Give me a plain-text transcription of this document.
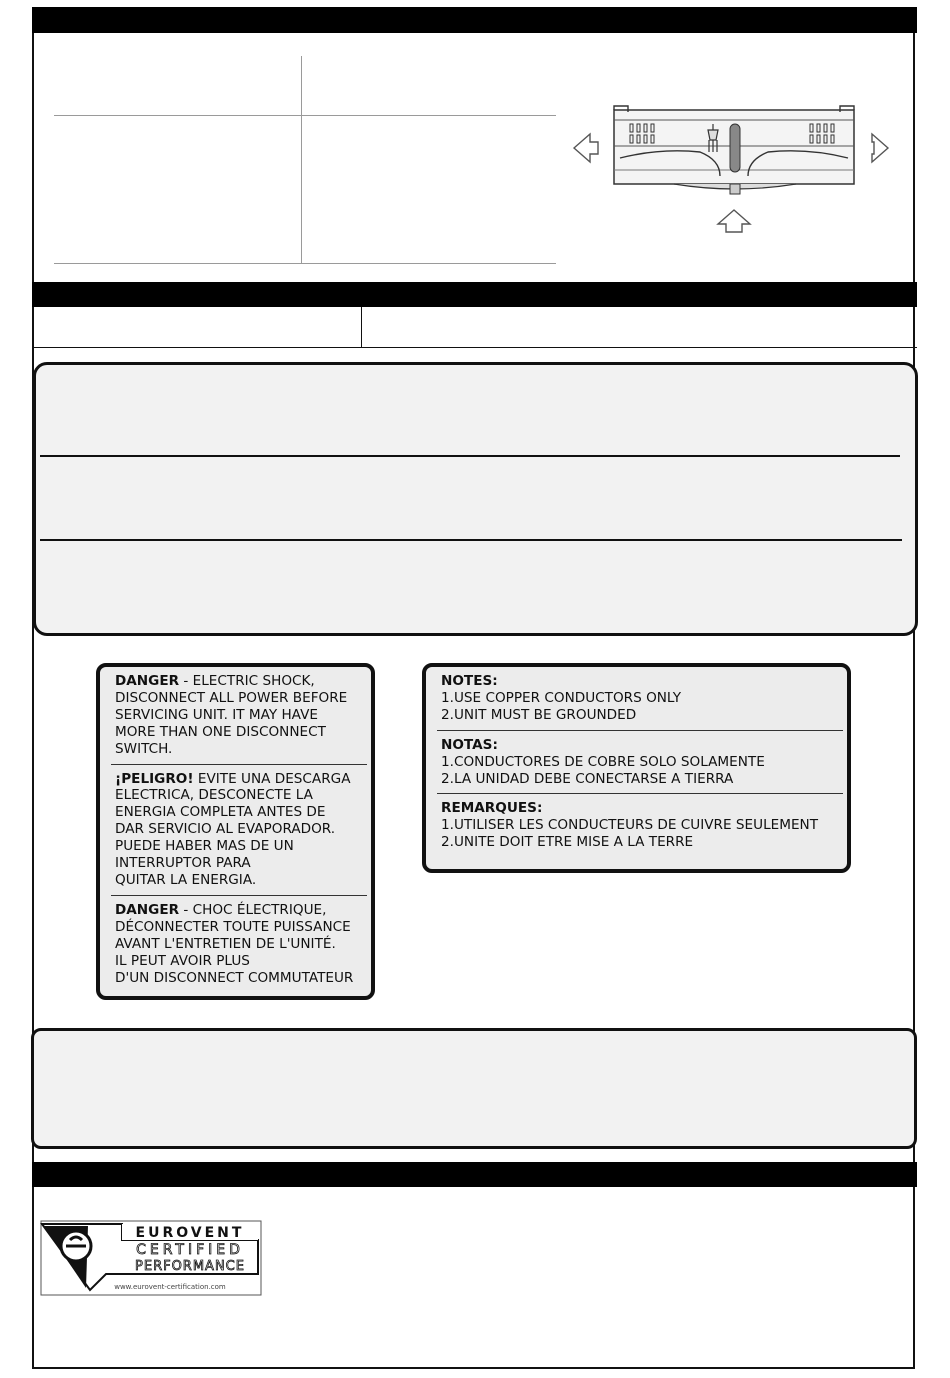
DANGER - ELECTRIC SHOCK,
DISCONNECT ALL POWER BEFORE
SERVICING UNIT. IT MAY HAVE
MORE THAN ONE DISCONNECT
SWITCH.
¡PELIGRO! EVITE UNA DESCARGA
ELECTRICA, DESCONECTE LA
ENERGIA COMPLETA ANTES DE
DAR SERVICIO AL EVAPORADOR.
PUEDE HABER MAS DE UN
INTERRUPTOR PARA
QUITAR LA ENERGIA.
DANGER - CHOC ÉLECTRIQUE,
DÉCONNECTER TOUTE PUISSANCE
AVANT L'ENTRETIEN DE L'UNITÉ.
IL PEUT AVOIR PLUS
D'UN DISCONNECT COMMUTATEUR
NOTES:
1.USE COPPER CONDUCTORS ONLY
2.UNIT MUST BE GROUNDED
NOTAS:
1.CONDUCTORES DE COBRE SOLO SOLAMENTE
2.LA UNIDAD DEBE CONECTARSE A TIERRA
REMARQUES:
1.UTILISER LES CONDUCTEURS DE CUIVRE SEULEMENT
2.UNITE DOIT ETRE MISE A LA TERRE
EUROVENT
CERTIFIED
PERFORMANCE
www.eurovent-certification.com
